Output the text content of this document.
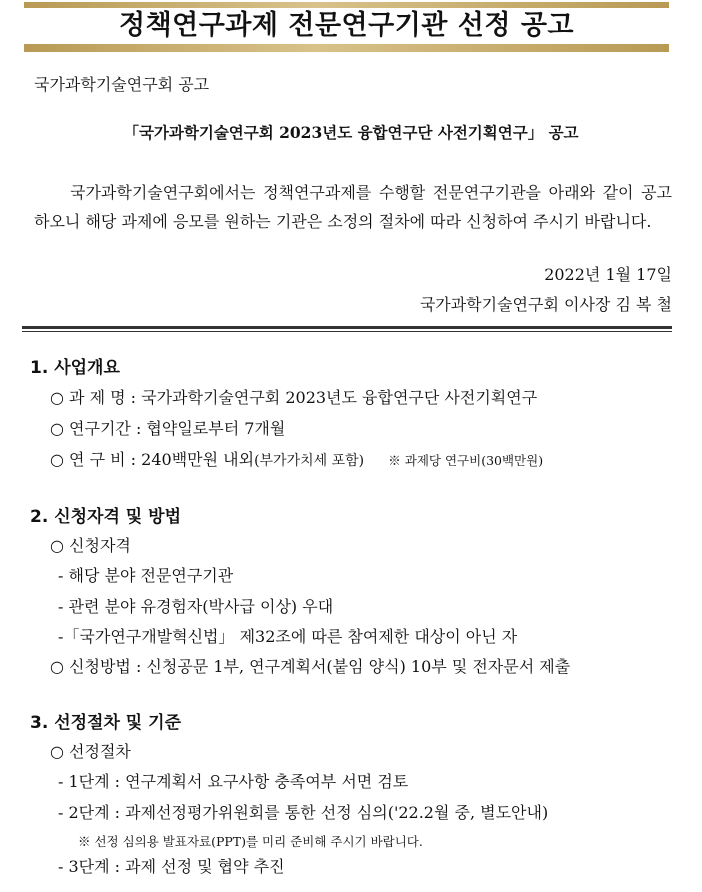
정책연구과제 전문연구기관 선정 공고
국가과학기술연구회 공고
「국가과학기술연구회 2023년도 융합연구단 사전기획연구」 공고
국가과학기술연구회에서는 정책연구과제를 수행할 전문연구기관을 아래와 같이 공고하오니 해당 과제에 응모를 원하는 기관은 소정의 절차에 따라 신청하여 주시기 바랍니다.
2022년 1월 17일
국가과학기술연구회 이사장 김 복 철
1. 사업개요
○ 과 제 명 : 국가과학기술연구회 2023년도 융합연구단 사전기획연구
○ 연구기간 : 협약일로부터 7개월
○ 연 구 비 : 240백만원 내외(부가가치세 포함) ※ 과제당 연구비(30백만원)
2. 신청자격 및 방법
○ 신청자격
- 해당 분야 전문연구기관
- 관련 분야 유경험자(박사급 이상) 우대
-「국가연구개발혁신법」 제32조에 따른 참여제한 대상이 아닌 자
○ 신청방법 : 신청공문 1부, 연구계획서(붙임 양식) 10부 및 전자문서 제출
3. 선정절차 및 기준
○ 선정절차
- 1단계 : 연구계획서 요구사항 충족여부 서면 검토
- 2단계 : 과제선정평가위원회를 통한 선정 심의('22.2월 중, 별도안내)
※ 선정 심의용 발표자료(PPT)를 미리 준비해 주시기 바랍니다.
- 3단계 : 과제 선정 및 협약 추진
